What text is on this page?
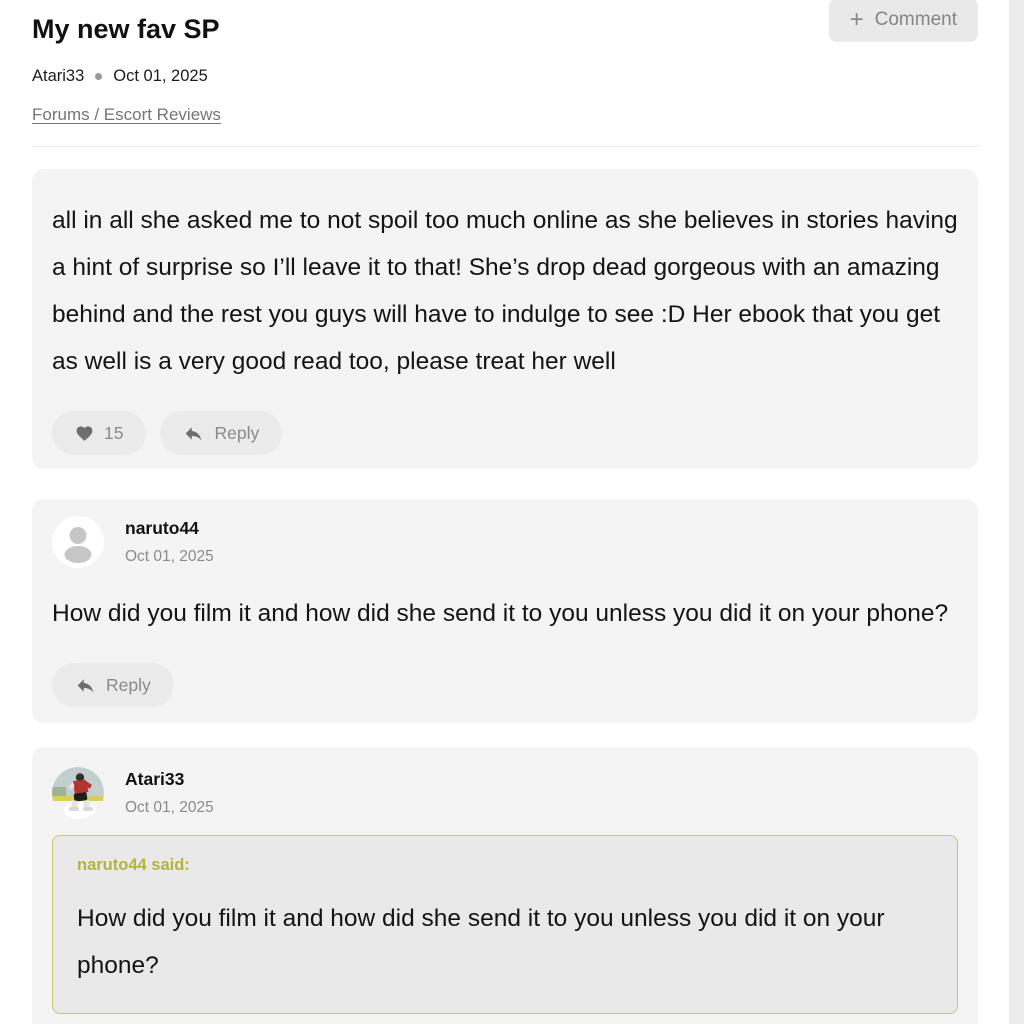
My new fav SP	+ Comment
Atari33 Oct 01, 2025
Forums / Escort Reviews
all in all she asked me to not spoil too much online as she believes in stories having a hint of surprise so I’ll leave it to that! She’s drop dead gorgeous with an amazing behind and the rest you guys will have to indulge to see :D Her ebook that you get as well is a very good read too, please treat her well
15	Reply
naruto44
Oct 01, 2025
How did you film it and how did she send it to you unless you did it on your phone?
Reply
Atari33
Oct 01, 2025
naruto44 said:
How did you film it and how did she send it to you unless you did it on your phone?
